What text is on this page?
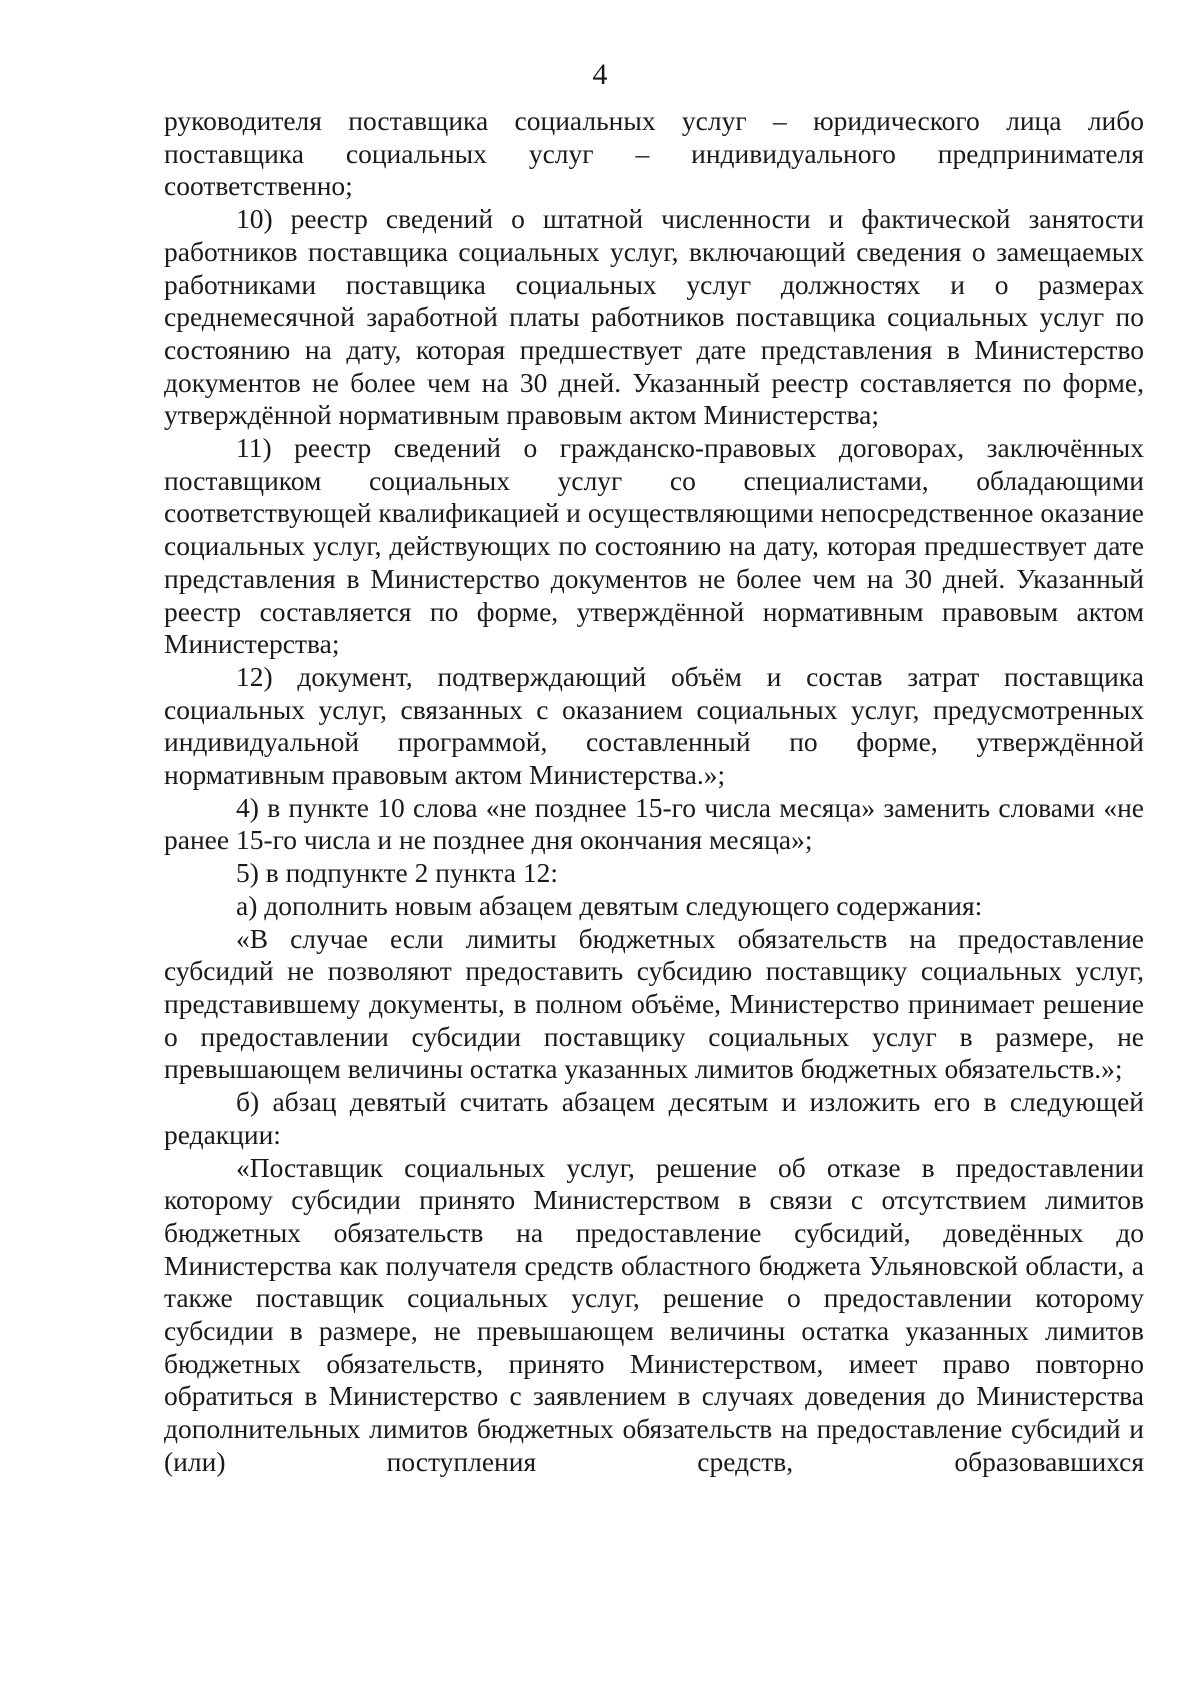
4

руководителя поставщика социальных услуг – юридического лица либо поставщика социальных услуг – индивидуального предпринимателя соответственно;

10) реестр сведений о штатной численности и фактической занятости работников поставщика социальных услуг, включающий сведения о замещаемых работниками поставщика социальных услуг должностях и о размерах среднемесячной заработной платы работников поставщика социальных услуг по состоянию на дату, которая предшествует дате представления в Министерство документов не более чем на 30 дней. Указанный реестр составляется по форме, утверждённой нормативным правовым актом Министерства;

11) реестр сведений о гражданско-правовых договорах, заключённых поставщиком социальных услуг со специалистами, обладающими соответствующей квалификацией и осуществляющими непосредственное оказание социальных услуг, действующих по состоянию на дату, которая предшествует дате представления в Министерство документов не более чем на 30 дней. Указанный реестр составляется по форме, утверждённой нормативным правовым актом Министерства;

12) документ, подтверждающий объём и состав затрат поставщика социальных услуг, связанных с оказанием социальных услуг, предусмотренных индивидуальной программой, составленный по форме, утверждённой нормативным правовым актом Министерства.»;

4) в пункте 10 слова «не позднее 15-го числа месяца» заменить словами «не ранее 15-го числа и не позднее дня окончания месяца»;

5) в подпункте 2 пункта 12:

а) дополнить новым абзацем девятым следующего содержания:

«В случае если лимиты бюджетных обязательств на предоставление субсидий не позволяют предоставить субсидию поставщику социальных услуг, представившему документы, в полном объёме, Министерство принимает решение о предоставлении субсидии поставщику социальных услуг в размере, не превышающем величины остатка указанных лимитов бюджетных обязательств.»;

б) абзац девятый считать абзацем десятым и изложить его в следующей редакции:

«Поставщик социальных услуг, решение об отказе в предоставлении которому субсидии принято Министерством в связи с отсутствием лимитов бюджетных обязательств на предоставление субсидий, доведённых до Министерства как получателя средств областного бюджета Ульяновской области, а также поставщик социальных услуг, решение о предоставлении которому субсидии в размере, не превышающем величины остатка указанных лимитов бюджетных обязательств, принято Министерством, имеет право повторно обратиться в Министерство с заявлением в случаях доведения до Министерства дополнительных лимитов бюджетных обязательств на предоставление субсидий и (или) поступления средств, образовавшихся
